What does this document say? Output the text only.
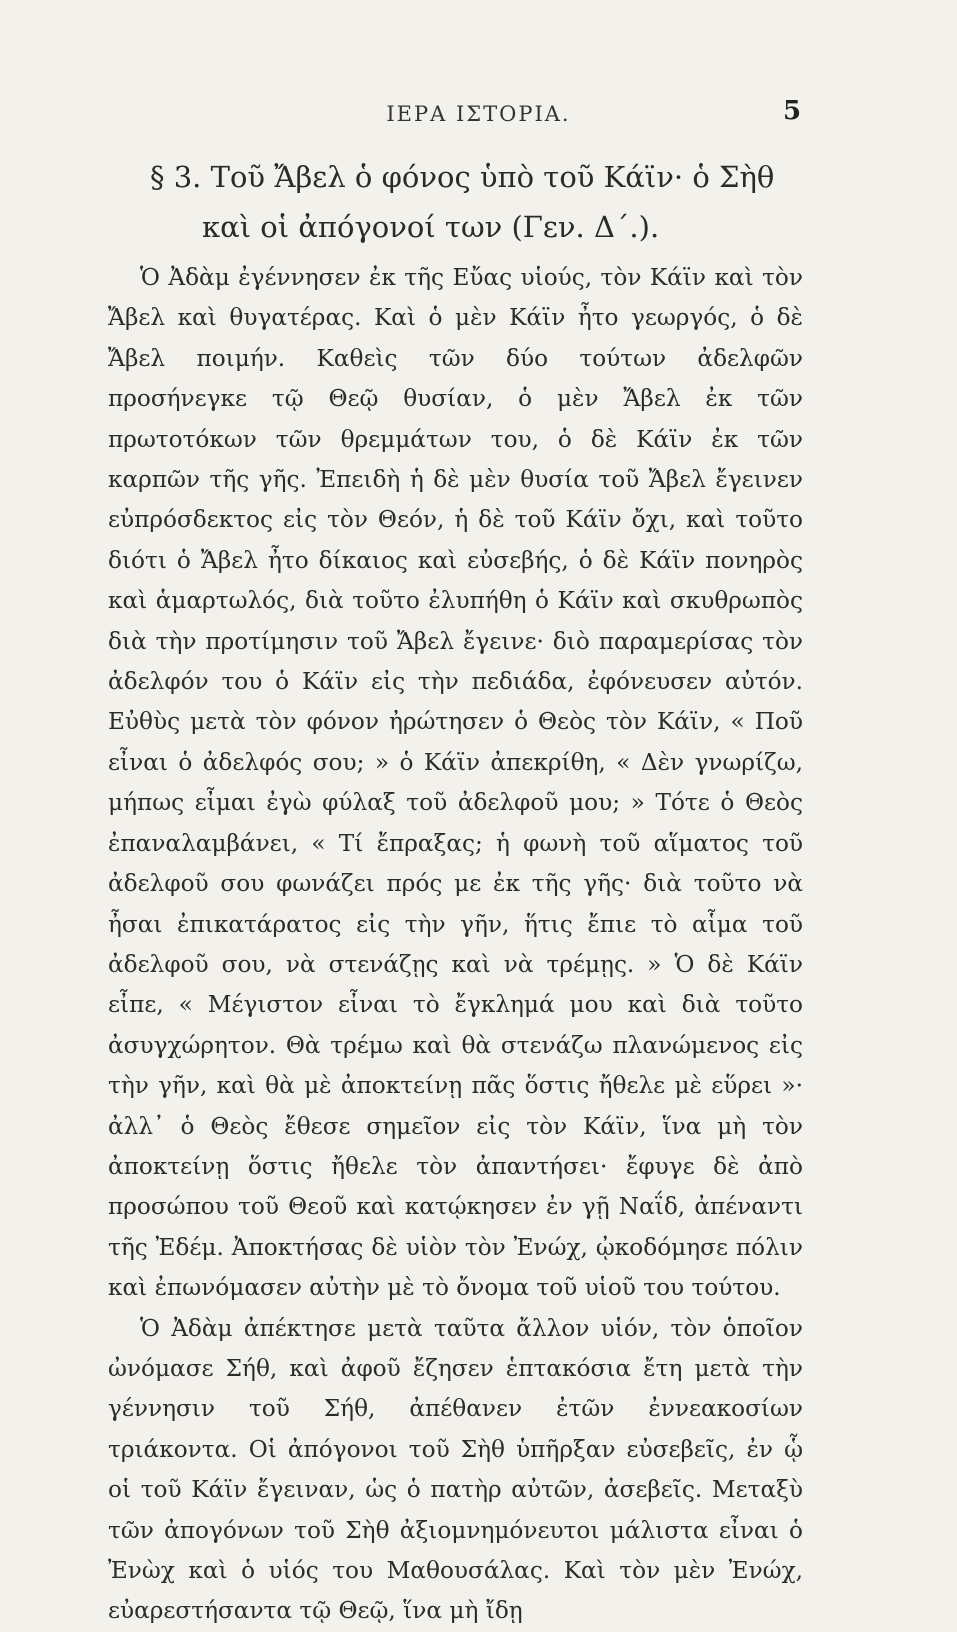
ΙΕΡΑ ΙΣΤΟΡΙΑ.	5
§ 3. Τοῦ Ἄβελ ὁ φόνος ὑπὸ τοῦ Κάϊν· ὁ Σὴθ
καὶ οἱ ἀπόγονοί των (Γεν. Δ΄.).

Ὁ Ἀδὰμ ἐγέννησεν ἐκ τῆς Εὔας υἱούς, τὸν Κάϊν καὶ τὸν Ἄβελ καὶ θυγατέρας. Καὶ ὁ μὲν Κάϊν ἦτο γεωργός, ὁ δὲ Ἄβελ ποιμήν. Καθεὶς τῶν δύο τούτων ἀδελφῶν προσήνεγκε τῷ Θεῷ θυσίαν, ὁ μὲν Ἄβελ ἐκ τῶν πρωτοτόκων τῶν θρεμμάτων του, ὁ δὲ Κάϊν ἐκ τῶν καρπῶν τῆς γῆς. Ἐπειδὴ ἡ δὲ μὲν θυσία τοῦ Ἄβελ ἔγεινεν εὐπρόσδεκτος εἰς τὸν Θεόν, ἡ δὲ τοῦ Κάϊν ὄχι, καὶ τοῦτο διότι ὁ Ἄβελ ἦτο δίκαιος καὶ εὐσεβής, ὁ δὲ Κάϊν πονηρὸς καὶ ἁμαρτωλός, διὰ τοῦτο ἐλυπήθη ὁ Κάϊν καὶ σκυθρωπὸς διὰ τὴν προτίμησιν τοῦ Ἄβελ ἔγεινε· διὸ παραμερίσας τὸν ἀδελφόν του ὁ Κάϊν εἰς τὴν πεδιάδα, ἐφόνευσεν αὐτόν. Εὐθὺς μετὰ τὸν φόνον ἠρώτησεν ὁ Θεὸς τὸν Κάϊν, « Ποῦ εἶναι ὁ ἀδελφός σου; » ὁ Κάϊν ἀπεκρίθη, « Δὲν γνωρίζω, μήπως εἶμαι ἐγὼ φύλαξ τοῦ ἀδελφοῦ μου; » Τότε ὁ Θεὸς ἐπαναλαμβάνει, « Τί ἔπραξας; ἡ φωνὴ τοῦ αἵματος τοῦ ἀδελφοῦ σου φωνάζει πρός με ἐκ τῆς γῆς· διὰ τοῦτο νὰ ἦσαι ἐπικατάρατος εἰς τὴν γῆν, ἥτις ἔπιε τὸ αἷμα τοῦ ἀδελφοῦ σου, νὰ στενάζῃς καὶ νὰ τρέμῃς. » Ὁ δὲ Κάϊν εἶπε, « Μέγιστον εἶναι τὸ ἔγκλημά μου καὶ διὰ τοῦτο ἀσυγχώρητον. Θὰ τρέμω καὶ θὰ στενάζω πλανώμενος εἰς τὴν γῆν, καὶ θὰ μὲ ἀποκτείνῃ πᾶς ὅστις ἤθελε μὲ εὕρει »· ἀλλ᾽ ὁ Θεὸς ἔθεσε σημεῖον εἰς τὸν Κάϊν, ἵνα μὴ τὸν ἀποκτείνῃ ὅστις ἤθελε τὸν ἀπαντήσει· ἔφυγε δὲ ἀπὸ προσώπου τοῦ Θεοῦ καὶ κατῴκησεν ἐν γῇ Ναΐδ, ἀπέναντι τῆς Ἐδέμ. Ἀποκτήσας δὲ υἱὸν τὸν Ἐνώχ, ᾠκοδόμησε πόλιν καὶ ἐπωνόμασεν αὐτὴν μὲ τὸ ὄνομα τοῦ υἱοῦ του τούτου.

Ὁ Ἀδὰμ ἀπέκτησε μετὰ ταῦτα ἄλλον υἱόν, τὸν ὁποῖον ὠνόμασε Σήθ, καὶ ἀφοῦ ἔζησεν ἑπτακόσια ἔτη μετὰ τὴν γέννησιν τοῦ Σήθ, ἀπέθανεν ἐτῶν ἐννεακοσίων τριάκοντα. Οἱ ἀπόγονοι τοῦ Σὴθ ὑπῆρξαν εὐσεβεῖς, ἐν ᾧ οἱ τοῦ Κάϊν ἔγειναν, ὡς ὁ πατὴρ αὐτῶν, ἀσεβεῖς. Μεταξὺ τῶν ἀπογόνων τοῦ Σὴθ ἀξιομνημόνευτοι μάλιστα εἶναι ὁ Ἐνὼχ καὶ ὁ υἱός του Μαθουσάλας. Καὶ τὸν μὲν Ἐνώχ, εὐαρεστήσαντα τῷ Θεῷ, ἵνα μὴ ἴδῃ
